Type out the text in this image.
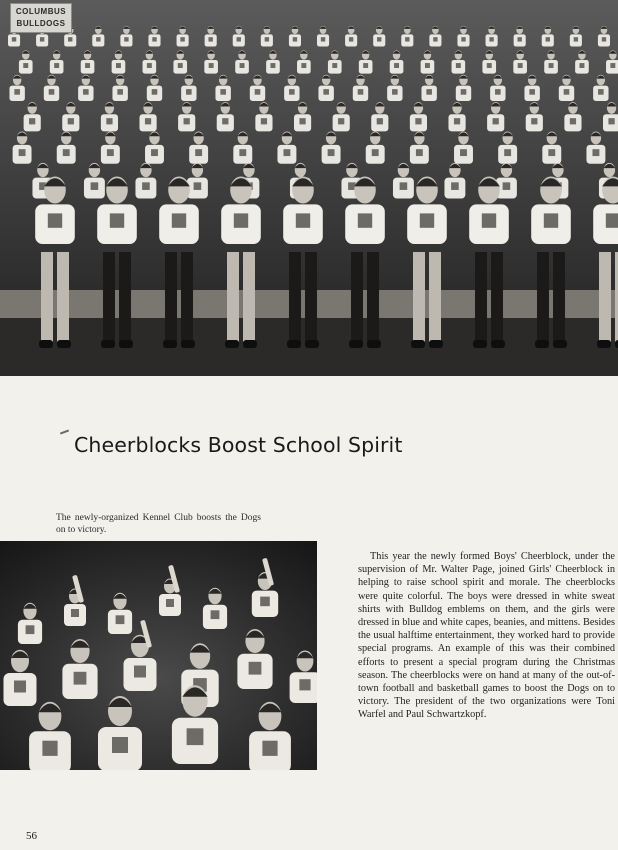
COLUMBUS
BULLDOGS
Cheerblocks Boost School Spirit

The newly-organized Kennel Club boosts the Dogs on to victory.

This year the newly formed Boys' Cheerblock, under the supervision of Mr. Walter Page, joined Girls' Cheerblock in helping to raise school spirit and morale. The cheerblocks were quite colorful. The boys were dressed in white sweat shirts with Bulldog emblems on them, and the girls were dressed in blue and white capes, beanies, and mittens. Besides the usual halftime entertainment, they worked hard to provide special programs. An example of this was their combined efforts to present a special program during the Christmas season. The cheerblocks were on hand at many of the out-of-town football and basketball games to boost the Dogs on to victory. The president of the two organizations were Toni Warfel and Paul Schwartzkopf.

56
